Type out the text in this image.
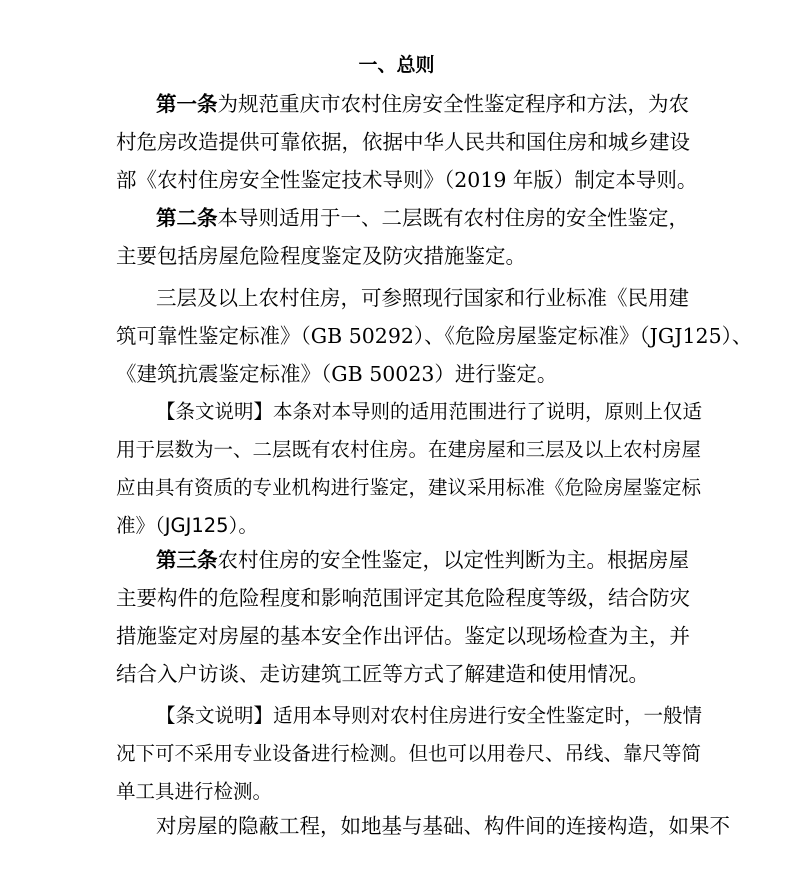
一、总则
第一条为规范重庆市农村住房安全性鉴定程序和方法，为农
村危房改造提供可靠依据，依据中华人民共和国住房和城乡建设
部《农村住房安全性鉴定技术导则》（2019 年版）制定本导则。
第二条本导则适用于一、二层既有农村住房的安全性鉴定，
主要包括房屋危险程度鉴定及防灾措施鉴定。
三层及以上农村住房，可参照现行国家和行业标准《民用建
筑可靠性鉴定标准》（GB 50292）、《危险房屋鉴定标准》（JGJ125）、
《建筑抗震鉴定标准》（GB 50023）进行鉴定。
【条文说明】本条对本导则的适用范围进行了说明，原则上仅适
用于层数为一、二层既有农村住房。在建房屋和三层及以上农村房屋
应由具有资质的专业机构进行鉴定，建议采用标准《危险房屋鉴定标
准》（JGJ125）。
第三条农村住房的安全性鉴定，以定性判断为主。根据房屋
主要构件的危险程度和影响范围评定其危险程度等级，结合防灾
措施鉴定对房屋的基本安全作出评估。鉴定以现场检查为主，并
结合入户访谈、走访建筑工匠等方式了解建造和使用情况。
【条文说明】适用本导则对农村住房进行安全性鉴定时，一般情
况下可不采用专业设备进行检测。但也可以用卷尺、吊线、靠尺等简
单工具进行检测。
对房屋的隐蔽工程，如地基与基础、构件间的连接构造，如果不
